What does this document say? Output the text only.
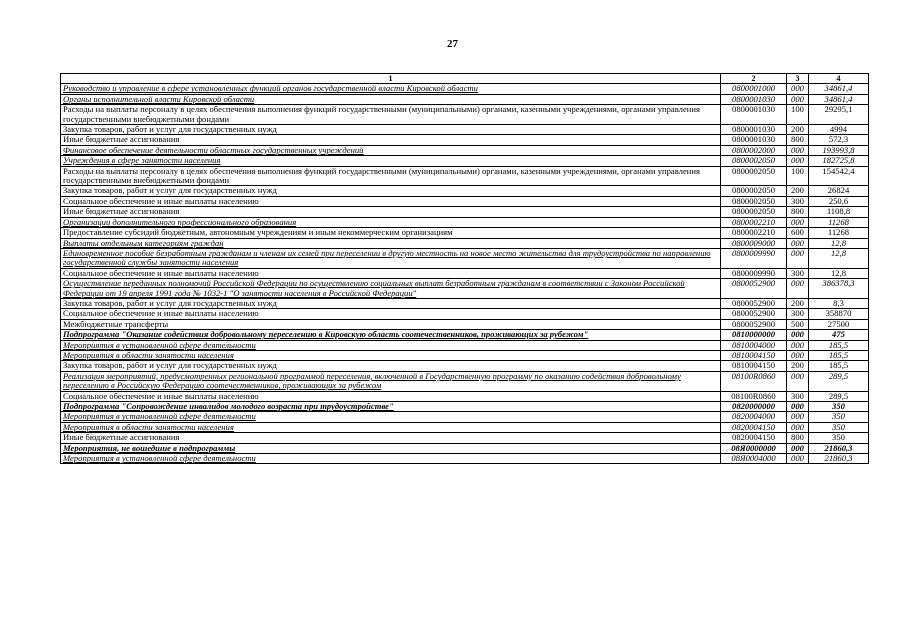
27
1	2	3	4
Руководство и управление в сфере установленных функций органов государственной власти Кировской области	0800001000	000	34861,4
Органы исполнительной власти Кировской области	0800001030	000	34861,4
Расходы на выплаты персоналу в целях обеспечения выполнения функций государственными (муниципальными) органами, казенными учреждениями, органами управления государственными внебюджетными фондами	0800001030	100	29295,1
Закупка товаров, работ и услуг для государственных нужд	0800001030	200	4994
Иные бюджетные ассигнования	0800001030	800	572,3
Финансовое обеспечение деятельности областных государственных учреждений	0800002000	000	193993,8
Учреждения в сфере занятости населения	0800002050	000	182725,8
Расходы на выплаты персоналу в целях обеспечения выполнения функций государственными (муниципальными) органами, казенными учреждениями, органами управления государственными внебюджетными фондами	0800002050	100	154542,4
Закупка товаров, работ и услуг для государственных нужд	0800002050	200	26824
Социальное обеспечение и иные выплаты населению	0800002050	300	250,6
Иные бюджетные ассигнования	0800002050	800	1108,8
Организации дополнительного профессионального образования	0800002210	000	11268
Предоставление субсидий бюджетным, автономным учреждениям и иным некоммерческим организациям	0800002210	600	11268
Выплаты отдельным категориям граждан	0800009000	000	12,8
Единовременное пособие безработным гражданам и членам их семей при переселении в другую местность на новое место жительства для трудоустройства по направлению государственной службы занятости населения	0800009990	000	12,8
Социальное обеспечение и иные выплаты населению	0800009990	300	12,8
Осуществление переданных полномочий Российской Федерации по осуществлению социальных выплат безработным гражданам в соответствии с Законом Российской Федерации от 19 апреля 1991 года № 1032-1 "О занятости населения в Российской Федерации"	0800052900	000	386378,3
Закупка товаров, работ и услуг для государственных нужд	0800052900	200	8,3
Социальное обеспечение и иные выплаты населению	0800052900	300	358870
Межбюджетные трансферты	0800052900	500	27500
Подпрограмма "Оказание содействия добровольному переселению в Кировскую область соотечественников, проживающих за рубежом"	0810000000	000	475
Мероприятия в установленной сфере деятельности	0810004000	000	185,5
Мероприятия в области занятости населения	0810004150	000	185,5
Закупка товаров, работ и услуг для государственных нужд	0810004150	200	185,5
Реализация мероприятий, предусмотренных региональной программой переселения, включенной в Государственную программу по оказанию содействия добровольному переселению в Российскую Федерацию соотечественников, проживающих за рубежом	08100R0860	000	289,5
Социальное обеспечение и иные выплаты населению	08100R0860	300	289,5
Подпрограмма "Сопровождение инвалидов молодого возраста при трудоустройстве"	0820000000	000	350
Мероприятия в установленной сфере деятельности	0820004000	000	350
Мероприятия в области занятости населения	0820004150	000	350
Иные бюджетные ассигнования	0820004150	800	350
Мероприятия, не вошедшие в подпрограммы	08Я0000000	000	21860,3
Мероприятия в установленной сфере деятельности	08Я0004000	000	21860,3
